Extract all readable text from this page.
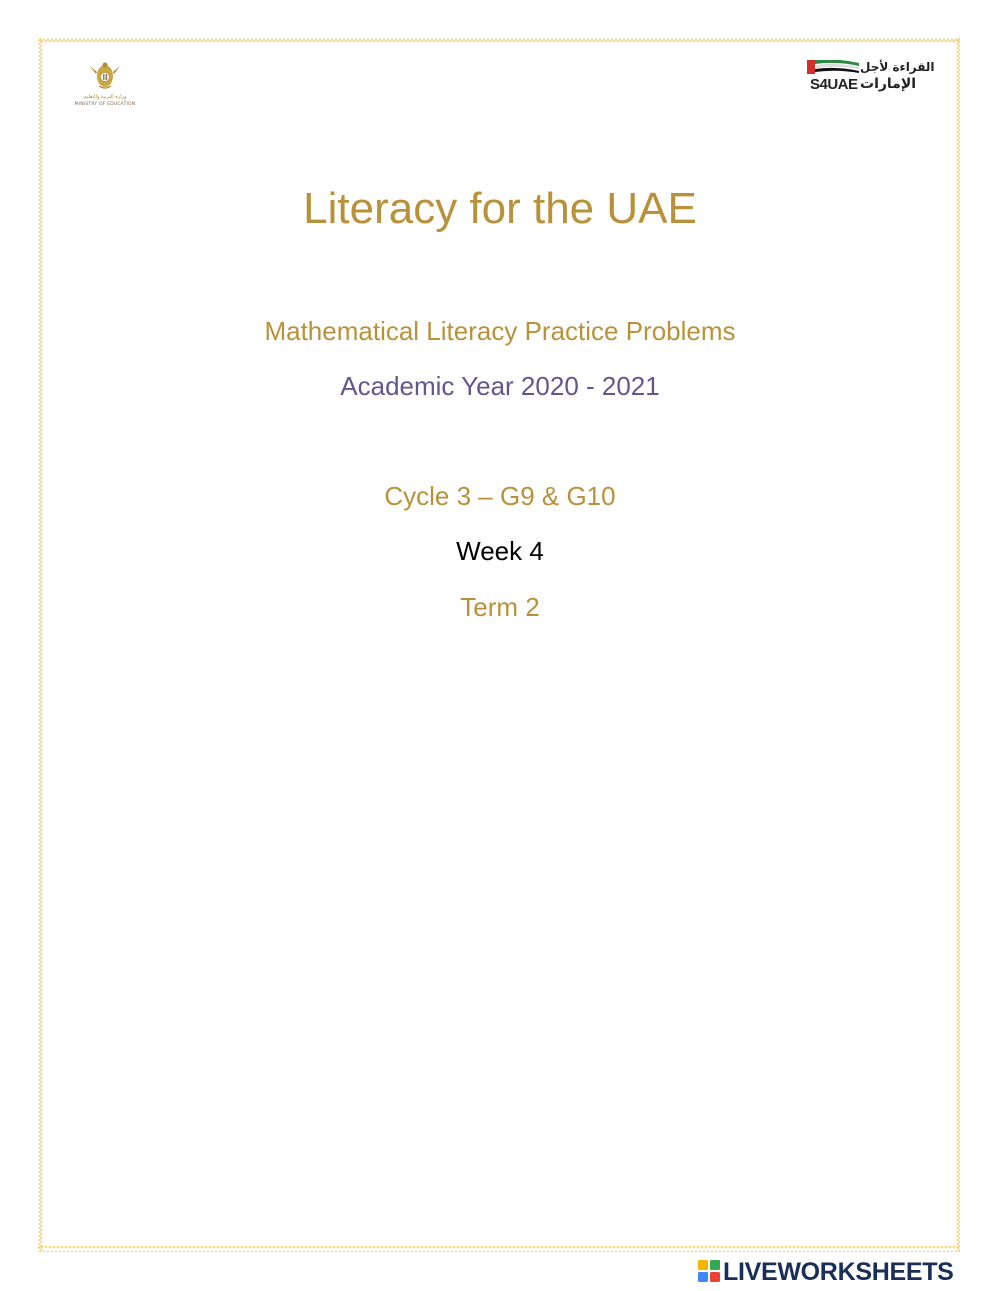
وزارة التربية والتعليم
MINISTRY OF EDUCATION
S4UAE
القراءة لأجل
الإمارات
Literacy for the UAE
Mathematical Literacy Practice Problems
Academic Year 2020 - 2021
Cycle 3 – G9 & G10
Week 4
Term 2
LIVEWORKSHEETS
